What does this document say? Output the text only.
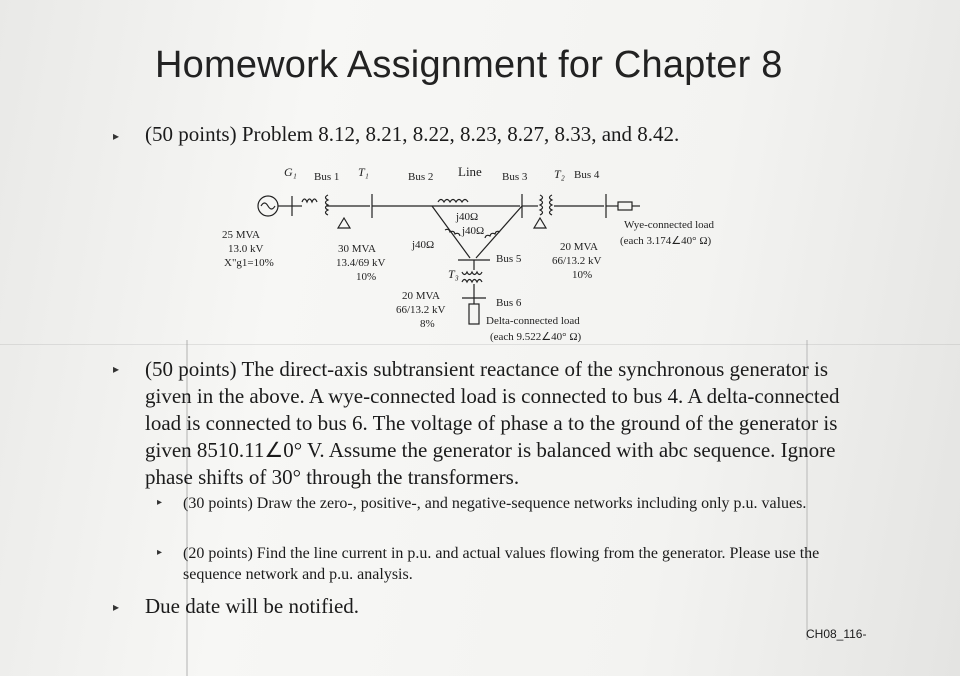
Homework Assignment for Chapter 8
▸ (50 points) Problem 8.12, 8.21, 8.22, 8.23, 8.27, 8.33, and 8.42.
G₁ Bus 1 T₁	Bus 2 Line Bus 3 T₂ Bus 4
25 MVA
13.0 kV
X"g1=10%
30 MVA
13.4/69 kV
10%
j40Ω
j40Ω
j40Ω
20 MVA
66/13.2 kV
10%
Wye-connected load
(each 3.174∠40° Ω)
Bus 5
T₃
20 MVA
66/13.2 kV
8%
Bus 6
Delta-connected load
(each 9.522∠40° Ω)
▸ (50 points) The direct-axis subtransient reactance of the synchronous generator is given in the above. A wye-connected load is connected to bus 4. A delta-connected load is connected to bus 6. The voltage of phase a to the ground of the generator is given 8510.11∠0° V. Assume the generator is balanced with abc sequence. Ignore phase shifts of 30° through the transformers.
▸ (30 points) Draw the zero-, positive-, and negative-sequence networks including only p.u. values.
▸ (20 points) Find the line current in p.u. and actual values flowing from the generator. Please use the sequence network and p.u. analysis.
▸ Due date will be notified.
CH08_116-
